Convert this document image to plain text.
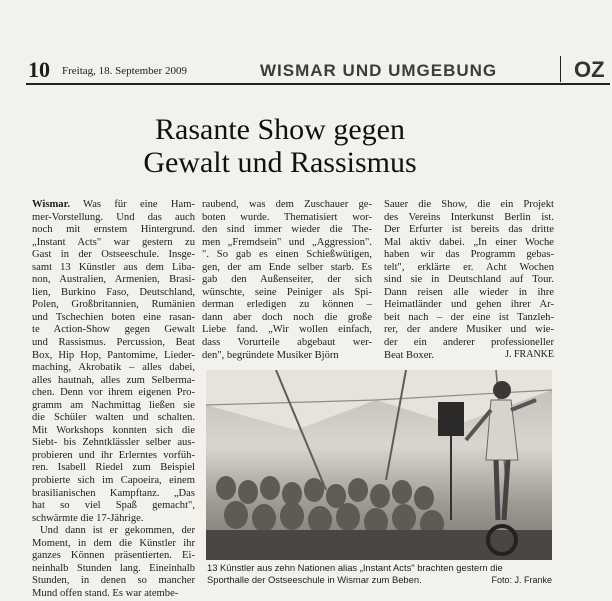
10 Freitag, 18. September 2009	WISMAR UND UMGEBUNG	OZ
Rasante Show gegen
Gewalt und Rassismus
Wismar. Was für eine Ham-
mer-Vorstellung. Und das auch
noch mit ernstem Hintergrund.
„Instant Acts" war gestern zu
Gast in der Ostseeschule. Insge-
samt 13 Künstler aus dem Liba-
non, Australien, Armenien, Brasi-
lien, Burkino Faso, Deutschland,
Polen, Großbritannien, Rumänien
und Tschechien boten eine rasan-
te Action-Show gegen Gewalt
und Rassismus. Percussion, Beat
Box, Hip Hop, Pantomime, Lieder-
maching, Akrobatik – alles dabei,
alles hautnah, alles zum Selberma-
chen. Denn vor ihrem eigenen Pro-
gramm am Nachmittag ließen sie
die Schüler walten und schalten.
Mit Workshops konnten sich die
Siebt- bis Zehntklässler selber aus-
probieren und ihr Erlerntes vorfüh-
ren. Isabell Riedel zum Beispiel
probierte sich im Capoeira, einem
brasilianischen Kampftanz. „Das
hat so viel Spaß gemacht",
schwärmte die 17-Jährige.
Und dann ist er gekommen, der
Moment, in dem die Künstler ihr
ganzes Können präsentierten. Ei-
neinhalb Stunden lang. Eineinhalb
Stunden, in denen so mancher
Mund offen stand. Es war atembe-
raubend, was dem Zuschauer ge-
boten wurde. Thematisiert wor-
den sind immer wieder die The-
men „Fremdsein" und „Aggression".
". So gab es einen Schießwütigen,
gen, der am Ende selber starb. Es
gab den Außenseiter, der sich
wünschte, seine Peiniger als Spi-
derman erledigen zu können –
dann aber doch noch die große
Liebe fand. „Wir wollen einfach,
dass Vorurteile abgebaut wer-
den", begründete Musiker Björn
Sauer die Show, die ein Projekt
des Vereins Interkunst Berlin ist.
Der Erfurter ist bereits das dritte
Mal aktiv dabei. „In einer Woche
haben wir das Programm gebas-
telt", erklärte er. Acht Wochen
sind sie in Deutschland auf Tour.
Dann reisen alle wieder in ihre
Heimatländer und gehen ihrer Ar-
beit nach – der eine ist Tanzleh-
rer, der andere Musiker und wie-
der ein anderer professioneller
Beat Boxer.	J. FRANKE
13 Künstler aus zehn Nationen alias „Instant Acts" brachten gestern die
Sporthalle der Ostseeschule in Wismar zum Beben.	Foto: J. Franke
